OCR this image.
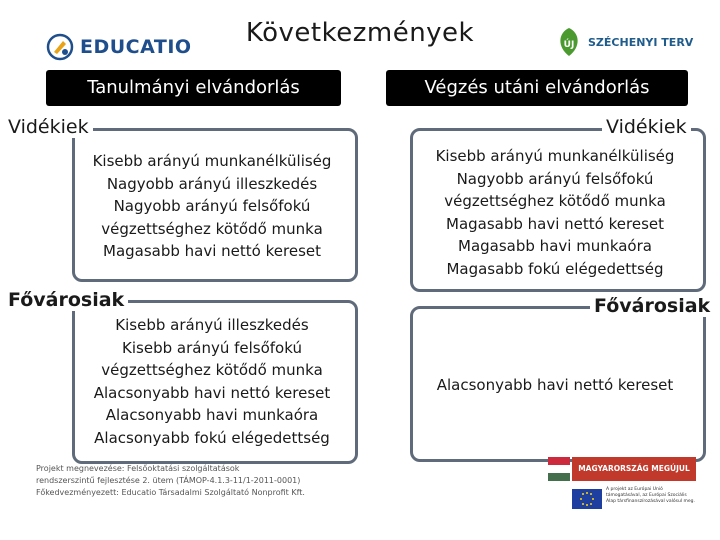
Következmények
EDUCATIO	ÚJ SZÉCHENYI TERV
Tanulmányi elvándorlás	Végzés utáni elvándorlás
Vidékiek
Kisebb arányú munkanélküliség
Nagyobb arányú illeszkedés
Nagyobb arányú felsőfokú
végzettséghez kötődő munka
Magasabb havi nettó kereset
Fővárosiak
Kisebb arányú illeszkedés
Kisebb arányú felsőfokú
végzettséghez kötődő munka
Alacsonyabb havi nettó kereset
Alacsonyabb havi munkaóra
Alacsonyabb fokú elégedettség
Vidékiek
Kisebb arányú munkanélküliség
Nagyobb arányú felsőfokú
végzettséghez kötődő munka
Magasabb havi nettó kereset
Magasabb havi munkaóra
Magasabb fokú elégedettség
Fővárosiak
Alacsonyabb havi nettó kereset
Projekt megnevezése: Felsőoktatási szolgáltatások
rendszerszintű fejlesztése 2. ütem (TÁMOP-4.1.3-11/1-2011-0001)
Főkedvezményezett: Educatio Társadalmi Szolgáltató Nonprofit Kft.
MAGYARORSZÁG MEGÚJUL
A projekt az Európai Unió támogatásával, az Európai Szociális Alap társfinanszírozásával valósul meg.
